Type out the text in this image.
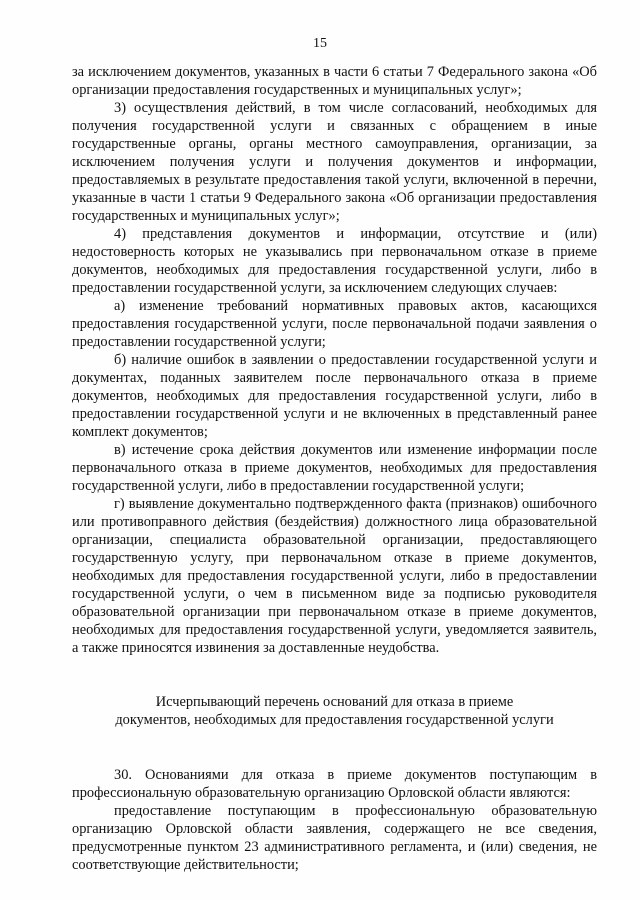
15

за исключением документов, указанных в части 6 статьи 7 Федерального закона «Об организации предоставления государственных и муниципальных услуг»;

3) осуществления действий, в том числе согласований, необходимых для получения государственной услуги и связанных с обращением в иные государственные органы, органы местного самоуправления, организации, за исключением получения услуги и получения документов и информации, предоставляемых в результате предоставления такой услуги, включенной в перечни, указанные в части 1 статьи 9 Федерального закона «Об организации предоставления государственных и муниципальных услуг»;

4) представления документов и информации, отсутствие и (или) недостоверность которых не указывались при первоначальном отказе в приеме документов, необходимых для предоставления государственной услуги, либо в предоставлении государственной услуги, за исключением следующих случаев:

а) изменение требований нормативных правовых актов, касающихся предоставления государственной услуги, после первоначальной подачи заявления о предоставлении государственной услуги;

б) наличие ошибок в заявлении о предоставлении государственной услуги и документах, поданных заявителем после первоначального отказа в приеме документов, необходимых для предоставления государственной услуги, либо в предоставлении государственной услуги и не включенных в представленный ранее комплект документов;

в) истечение срока действия документов или изменение информации после первоначального отказа в приеме документов, необходимых для предоставления государственной услуги, либо в предоставлении государственной услуги;

г) выявление документально подтвержденного факта (признаков) ошибочного или противоправного действия (бездействия) должностного лица образовательной организации, специалиста образовательной организации, предоставляющего государственную услугу, при первоначальном отказе в приеме документов, необходимых для предоставления государственной услуги, либо в предоставлении государственной услуги, о чем в письменном виде за подписью руководителя образовательной организации при первоначальном отказе в приеме документов, необходимых для предоставления государственной услуги, уведомляется заявитель, а также приносятся извинения за доставленные неудобства.

Исчерпывающий перечень оснований для отказа в приеме

документов, необходимых для предоставления государственной услуги

30. Основаниями для отказа в приеме документов поступающим в профессиональную образовательную организацию Орловской области являются:

предоставление поступающим в профессиональную образовательную организацию Орловской области заявления, содержащего не все сведения, предусмотренные пунктом 23 административного регламента, и (или) сведения, не соответствующие действительности;
